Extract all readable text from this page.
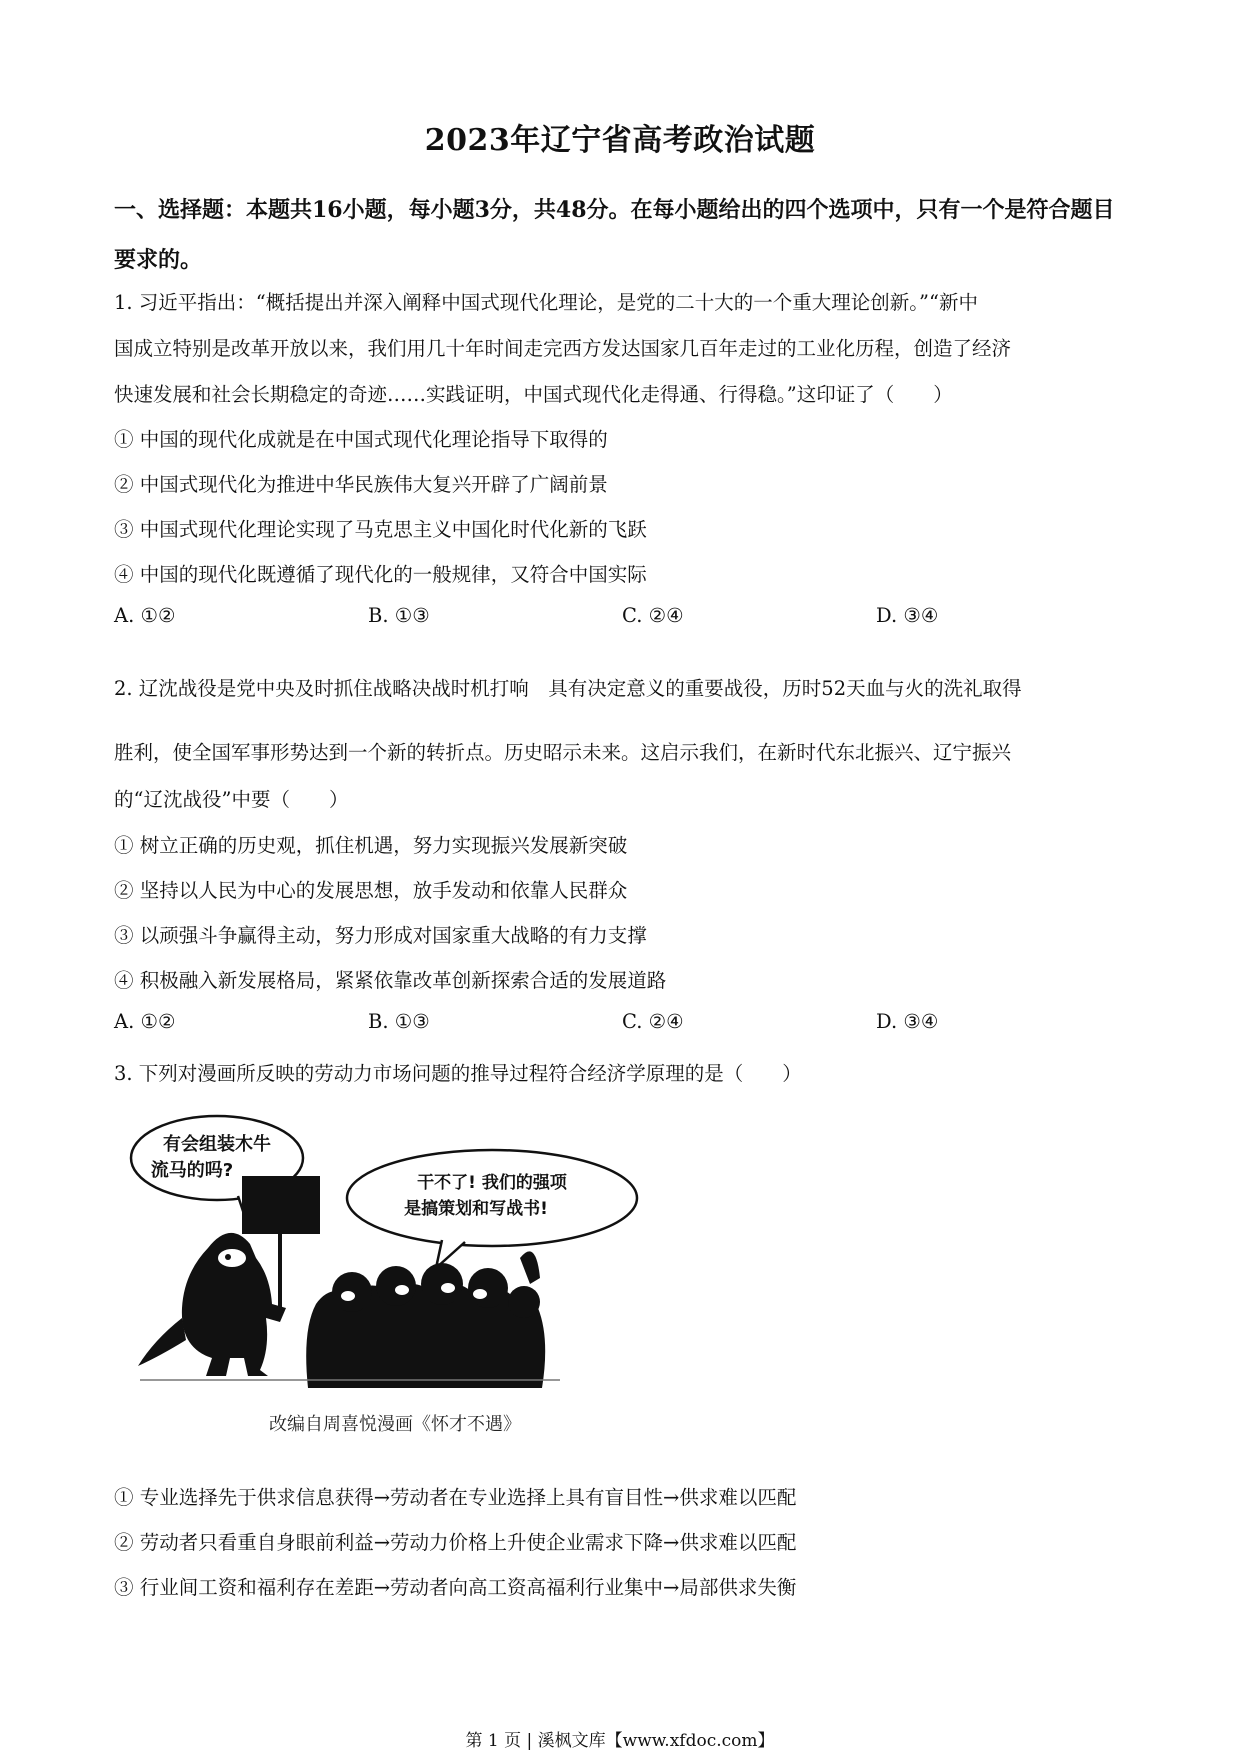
2023年辽宁省高考政治试题
一、选择题：本题共16小题，每小题3分，共48分。在每小题给出的四个选项中，只有一个是符合题目要求的。
1. 习近平指出：“概括提出并深入阐释中国式现代化理论，是党的二十大的一个重大理论创新。”“新中
国成立特别是改革开放以来，我们用几十年时间走完西方发达国家几百年走过的工业化历程，创造了经济
快速发展和社会长期稳定的奇迹……实践证明，中国式现代化走得通、行得稳。”这印证了（　　）
① 中国的现代化成就是在中国式现代化理论指导下取得的
② 中国式现代化为推进中华民族伟大复兴开辟了广阔前景
③ 中国式现代化理论实现了马克思主义中国化时代化新的飞跃
④ 中国的现代化既遵循了现代化的一般规律，又符合中国实际
A. ①②	B. ①③	C. ②④	D. ③④
2. 辽沈战役是党中央及时抓住战略决战时机打响　具有决定意义的重要战役，历时52天血与火的洗礼取得
胜利，使全国军事形势达到一个新的转折点。历史昭示未来。这启示我们，在新时代东北振兴、辽宁振兴
的“辽沈战役”中要（　　）
① 树立正确的历史观，抓住机遇，努力实现振兴发展新突破
② 坚持以人民为中心的发展思想，放手发动和依靠人民群众
③ 以顽强斗争赢得主动，努力形成对国家重大战略的有力支撑
④ 积极融入新发展格局，紧紧依靠改革创新探索合适的发展道路
A. ①②	B. ①③	C. ②④	D. ③④
3. 下列对漫画所反映的劳动力市场问题的推导过程符合经济学原理的是（　　）
有会组装木牛
流马的吗?
干不了! 我们的强项
是搞策划和写战书!
改编自周喜悦漫画《怀才不遇》
① 专业选择先于供求信息获得→劳动者在专业选择上具有盲目性→供求难以匹配
② 劳动者只看重自身眼前利益→劳动力价格上升使企业需求下降→供求难以匹配
③ 行业间工资和福利存在差距→劳动者向高工资高福利行业集中→局部供求失衡
第 1 页 | 溪枫文库【www.xfdoc.com】
